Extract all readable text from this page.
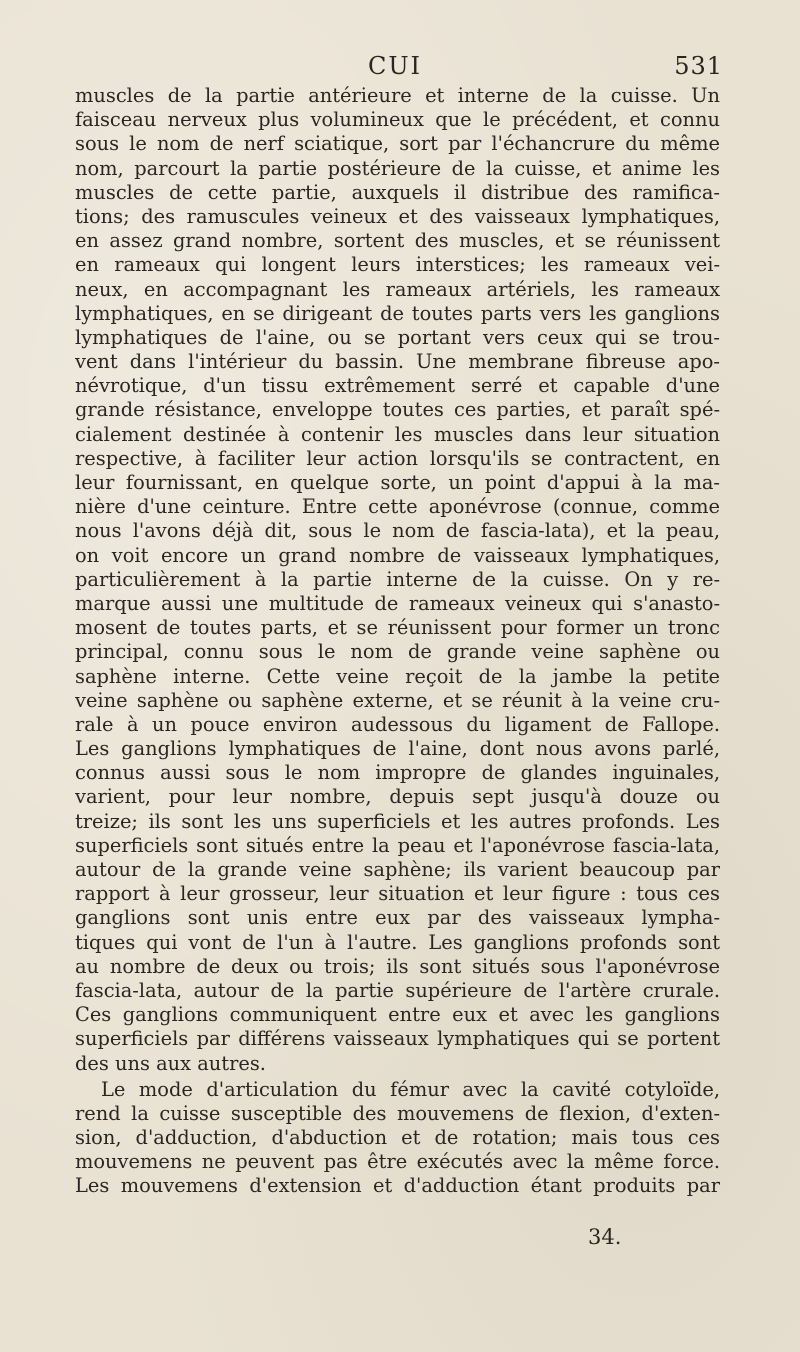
CUI	531
muscles de la partie antérieure et interne de la cuisse. Un
faisceau nerveux plus volumineux que le précédent, et connu
sous le nom de nerf sciatique, sort par l'échancrure du même
nom, parcourt la partie postérieure de la cuisse, et anime les
muscles de cette partie, auxquels il distribue des ramifica-
tions; des ramuscules veineux et des vaisseaux lymphatiques,
en assez grand nombre, sortent des muscles, et se réunissent
en rameaux qui longent leurs interstices; les rameaux vei-
neux, en accompagnant les rameaux artériels, les rameaux
lymphatiques, en se dirigeant de toutes parts vers les ganglions
lymphatiques de l'aine, ou se portant vers ceux qui se trou-
vent dans l'intérieur du bassin. Une membrane fibreuse apo-
névrotique, d'un tissu extrêmement serré et capable d'une
grande résistance, enveloppe toutes ces parties, et paraît spé-
cialement destinée à contenir les muscles dans leur situation
respective, à faciliter leur action lorsqu'ils se contractent, en
leur fournissant, en quelque sorte, un point d'appui à la ma-
nière d'une ceinture. Entre cette aponévrose (connue, comme
nous l'avons déjà dit, sous le nom de fascia-lata), et la peau,
on voit encore un grand nombre de vaisseaux lymphatiques,
particulièrement à la partie interne de la cuisse. On y re-
marque aussi une multitude de rameaux veineux qui s'anasto-
mosent de toutes parts, et se réunissent pour former un tronc
principal, connu sous le nom de grande veine saphène ou
saphène interne. Cette veine reçoit de la jambe la petite
veine saphène ou saphène externe, et se réunit à la veine cru-
rale à un pouce environ audessous du ligament de Fallope.
Les ganglions lymphatiques de l'aine, dont nous avons parlé,
connus aussi sous le nom impropre de glandes inguinales,
varient, pour leur nombre, depuis sept jusqu'à douze ou
treize; ils sont les uns superficiels et les autres profonds. Les
superficiels sont situés entre la peau et l'aponévrose fascia-lata,
autour de la grande veine saphène; ils varient beaucoup par
rapport à leur grosseur, leur situation et leur figure : tous ces
ganglions sont unis entre eux par des vaisseaux lympha-
tiques qui vont de l'un à l'autre. Les ganglions profonds sont
au nombre de deux ou trois; ils sont situés sous l'aponévrose
fascia-lata, autour de la partie supérieure de l'artère crurale.
Ces ganglions communiquent entre eux et avec les ganglions
superficiels par différens vaisseaux lymphatiques qui se portent
des uns aux autres.
Le mode d'articulation du fémur avec la cavité cotyloïde,
rend la cuisse susceptible des mouvemens de flexion, d'exten-
sion, d'adduction, d'abduction et de rotation; mais tous ces
mouvemens ne peuvent pas être exécutés avec la même force.
Les mouvemens d'extension et d'adduction étant produits par
34.
